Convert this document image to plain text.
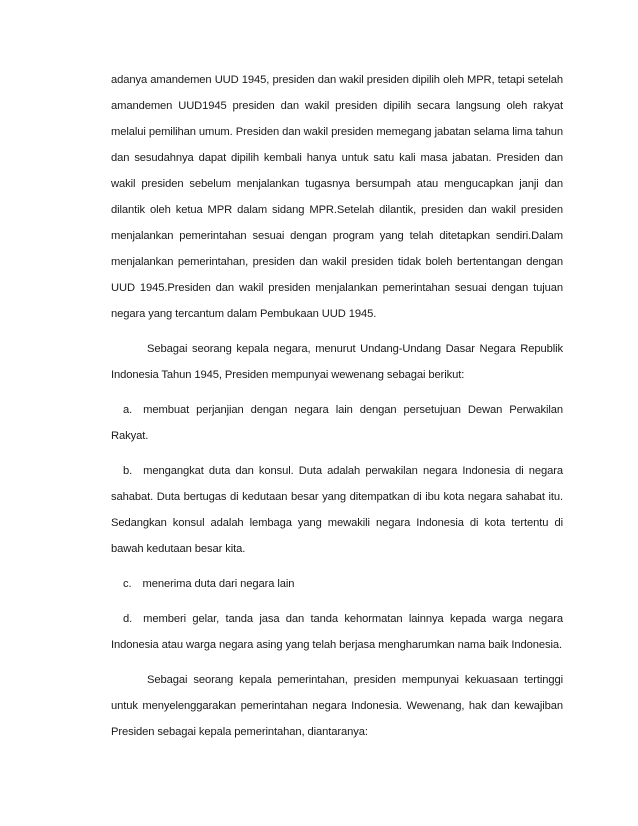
adanya amandemen UUD 1945, presiden dan wakil presiden dipilih oleh MPR, tetapi setelah amandemen UUD1945 presiden dan wakil presiden dipilih secara langsung oleh rakyat melalui pemilihan umum. Presiden dan wakil presiden memegang jabatan selama lima tahun dan sesudahnya dapat dipilih kembali hanya untuk satu kali masa jabatan. Presiden dan wakil presiden sebelum menjalankan tugasnya bersumpah atau mengucapkan janji dan dilantik oleh ketua MPR dalam sidang MPR.Setelah dilantik, presiden dan wakil presiden menjalankan pemerintahan sesuai dengan program yang telah ditetapkan sendiri.Dalam menjalankan pemerintahan, presiden dan wakil presiden tidak boleh bertentangan dengan UUD 1945.Presiden dan wakil presiden menjalankan pemerintahan sesuai dengan tujuan negara yang tercantum dalam Pembukaan UUD 1945.

Sebagai seorang kepala negara, menurut Undang-Undang Dasar Negara Republik Indonesia Tahun 1945, Presiden mempunyai wewenang sebagai berikut:

a. membuat perjanjian dengan negara lain dengan persetujuan Dewan Perwakilan Rakyat.

b. mengangkat duta dan konsul. Duta adalah perwakilan negara Indonesia di negara sahabat. Duta bertugas di kedutaan besar yang ditempatkan di ibu kota negara sahabat itu. Sedangkan konsul adalah lembaga yang mewakili negara Indonesia di kota tertentu di bawah kedutaan besar kita.

c. menerima duta dari negara lain

d. memberi gelar, tanda jasa dan tanda kehormatan lainnya kepada warga negara Indonesia atau warga negara asing yang telah berjasa mengharumkan nama baik Indonesia.

Sebagai seorang kepala pemerintahan, presiden mempunyai kekuasaan tertinggi untuk menyelenggarakan pemerintahan negara Indonesia. Wewenang, hak dan kewajiban Presiden sebagai kepala pemerintahan, diantaranya:
